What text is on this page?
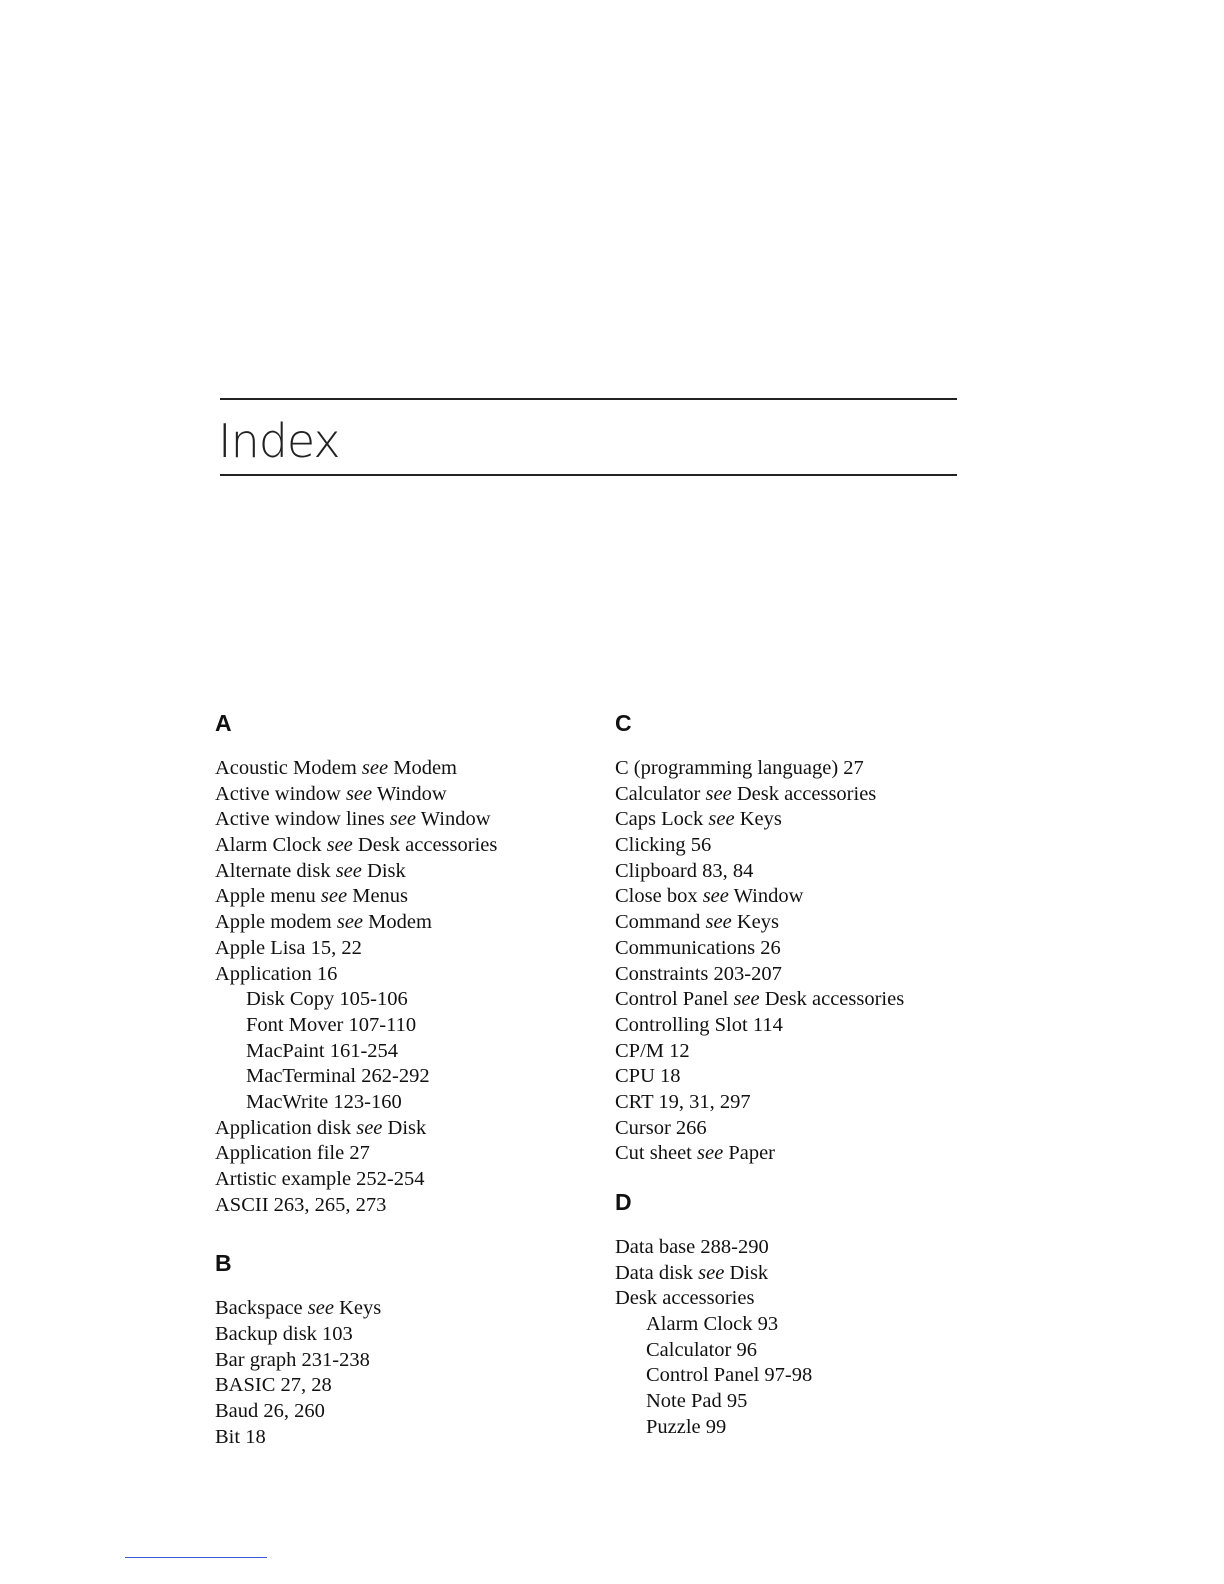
Index
A
Acoustic Modem see Modem
Active window see Window
Active window lines see Window
Alarm Clock see Desk accessories
Alternate disk see Disk
Apple menu see Menus
Apple modem see Modem
Apple Lisa 15, 22
Application 16
Disk Copy 105-106
Font Mover 107-110
MacPaint 161-254
MacTerminal 262-292
MacWrite 123-160
Application disk see Disk
Application file 27
Artistic example 252-254
ASCII 263, 265, 273
B
Backspace see Keys
Backup disk 103
Bar graph 231-238
BASIC 27, 28
Baud 26, 260
Bit 18
C
C (programming language) 27
Calculator see Desk accessories
Caps Lock see Keys
Clicking 56
Clipboard 83, 84
Close box see Window
Command see Keys
Communications 26
Constraints 203-207
Control Panel see Desk accessories
Controlling Slot 114
CP/M 12
CPU 18
CRT 19, 31, 297
Cursor 266
Cut sheet see Paper
D
Data base 288-290
Data disk see Disk
Desk accessories
Alarm Clock 93
Calculator 96
Control Panel 97-98
Note Pad 95
Puzzle 99
